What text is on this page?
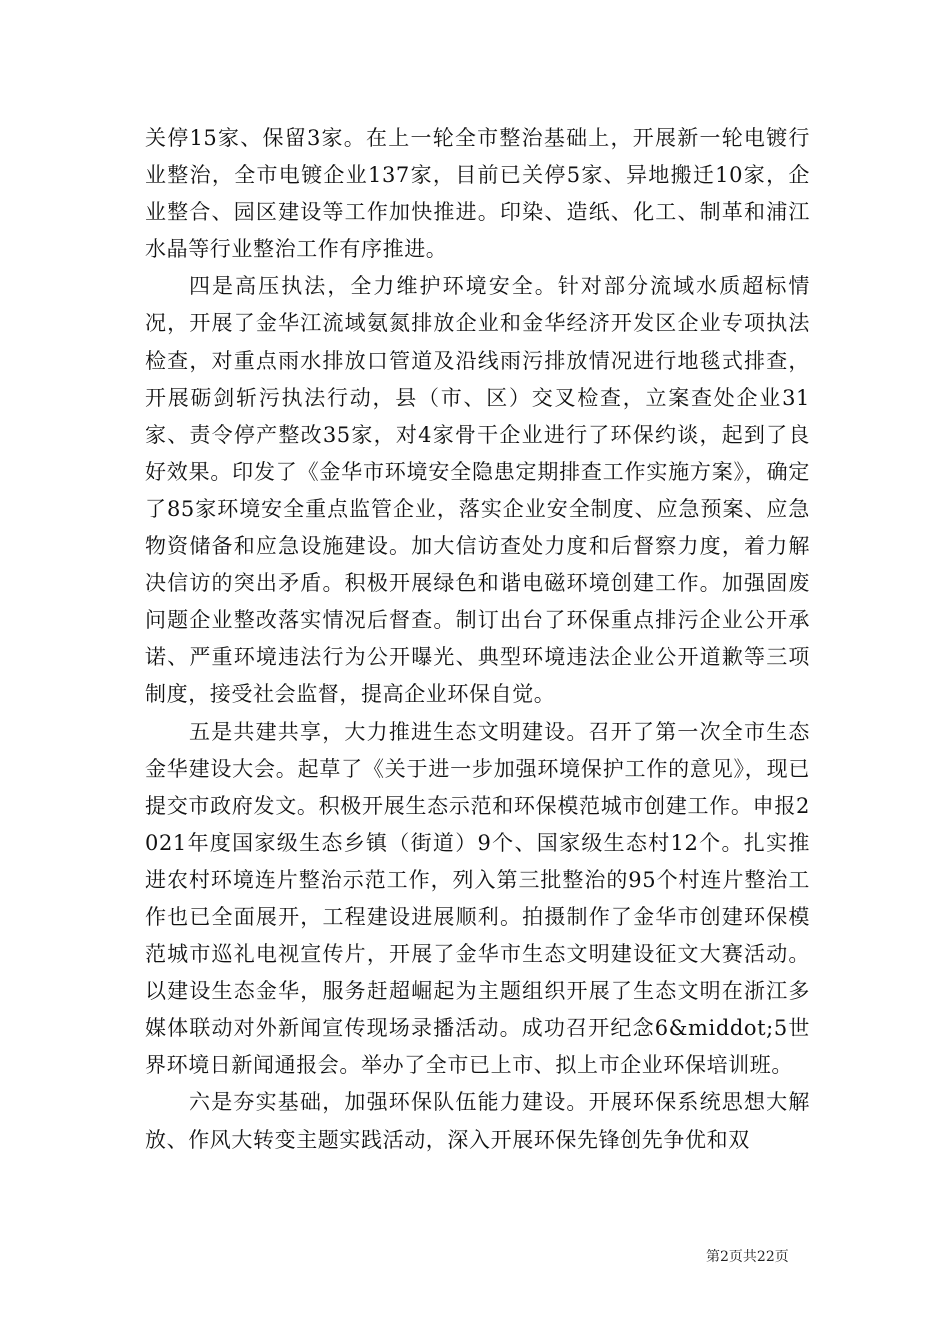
关停15家、保留3家。在上一轮全市整治基础上，开展新一轮电镀行业整治，全市电镀企业137家，目前已关停5家、异地搬迁10家，企业整合、园区建设等工作加快推进。印染、造纸、化工、制革和浦江水晶等行业整治工作有序推进。

四是高压执法，全力维护环境安全。针对部分流域水质超标情况，开展了金华江流域氨氮排放企业和金华经济开发区企业专项执法检查，对重点雨水排放口管道及沿线雨污排放情况进行地毯式排查，开展砺剑斩污执法行动，县（市、区）交叉检查，立案查处企业31家、责令停产整改35家，对4家骨干企业进行了环保约谈，起到了良好效果。印发了《金华市环境安全隐患定期排查工作实施方案》，确定了85家环境安全重点监管企业，落实企业安全制度、应急预案、应急物资储备和应急设施建设。加大信访查处力度和后督察力度，着力解决信访的突出矛盾。积极开展绿色和谐电磁环境创建工作。加强固废问题企业整改落实情况后督查。制订出台了环保重点排污企业公开承诺、严重环境违法行为公开曝光、典型环境违法企业公开道歉等三项制度，接受社会监督，提高企业环保自觉。

五是共建共享，大力推进生态文明建设。召开了第一次全市生态金华建设大会。起草了《关于进一步加强环境保护工作的意见》，现已提交市政府发文。积极开展生态示范和环保模范城市创建工作。申报2021年度国家级生态乡镇（街道）9个、国家级生态村12个。扎实推进农村环境连片整治示范工作，列入第三批整治的95个村连片整治工作也已全面展开，工程建设进展顺利。拍摄制作了金华市创建环保模范城市巡礼电视宣传片，开展了金华市生态文明建设征文大赛活动。以建设生态金华，服务赶超崛起为主题组织开展了生态文明在浙江多媒体联动对外新闻宣传现场录播活动。成功召开纪念6&middot;5世界环境日新闻通报会。举办了全市已上市、拟上市企业环保培训班。

六是夯实基础，加强环保队伍能力建设。开展环保系统思想大解放、作风大转变主题实践活动，深入开展环保先锋创先争优和双

第2页共22页
